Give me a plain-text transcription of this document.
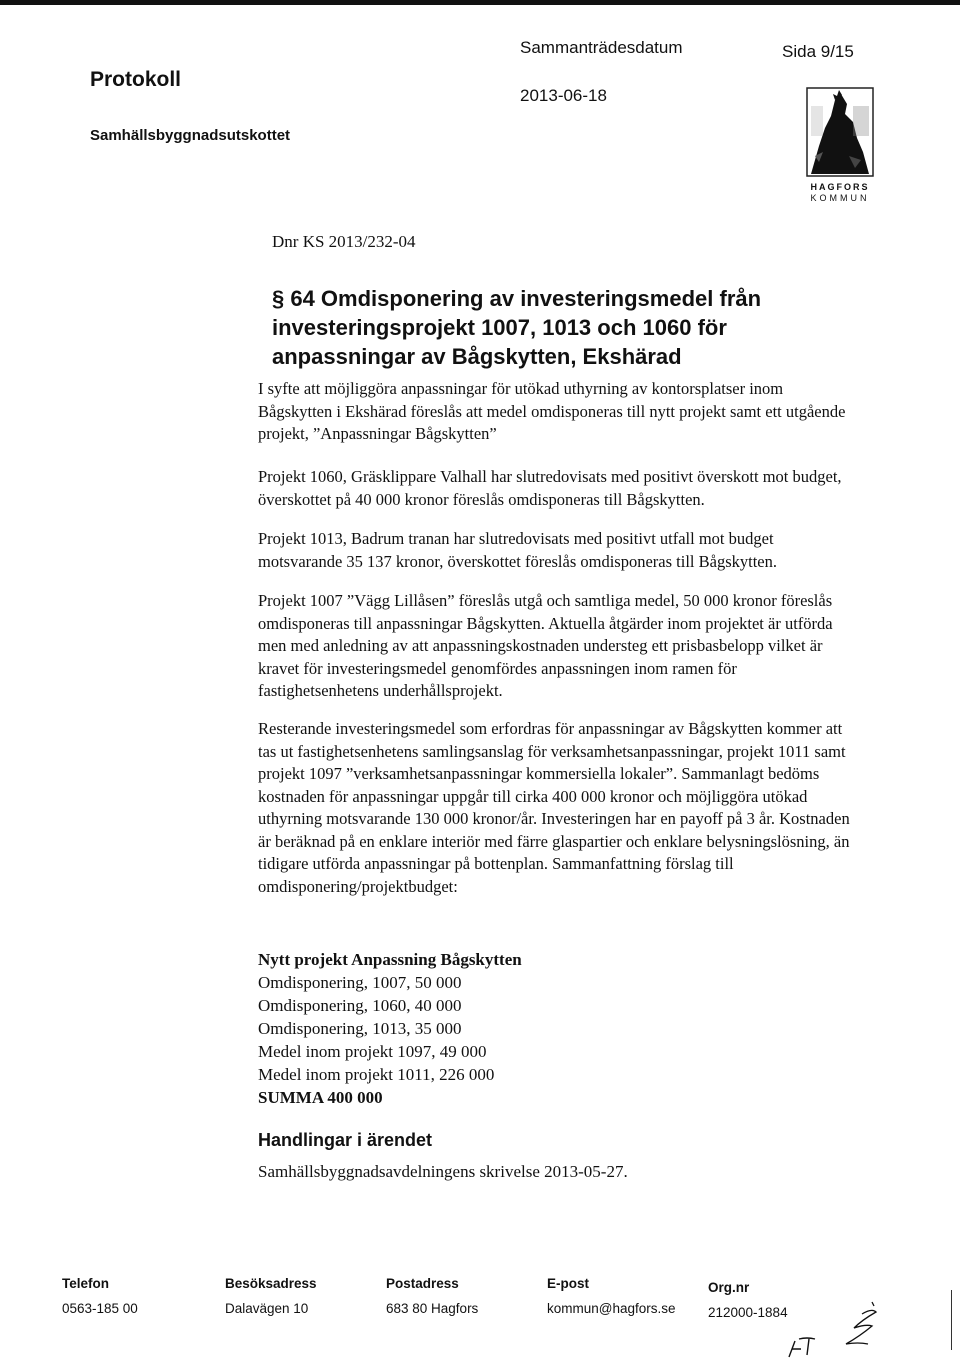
Protokoll
Sammanträdesdatum	Sida 9/15
2013-06-18
Samhällsbyggnadsutskottet
HAGFORS
KOMMUN
Dnr KS 2013/232-04
§ 64 Omdisponering av investeringsmedel från
investeringsprojekt 1007, 1013 och 1060 för
anpassningar av Bågskytten, Ekshärad
I syfte att möjliggöra anpassningar för utökad uthyrning av kontorsplatser inom Bågskytten i Ekshärad föreslås att medel omdisponeras till nytt projekt samt ett utgående projekt, ”Anpassningar Bågskytten”
Projekt 1060, Gräsklippare Valhall har slutredovisats med positivt överskott mot budget, överskottet på 40 000 kronor föreslås omdisponeras till Bågskytten.
Projekt 1013, Badrum tranan har slutredovisats med positivt utfall mot budget motsvarande 35 137 kronor, överskottet föreslås omdisponeras till Bågskytten.
Projekt 1007 ”Vägg Lillåsen” föreslås utgå och samtliga medel, 50 000 kronor föreslås omdisponeras till anpassningar Bågskytten. Aktuella åtgärder inom projektet är utförda men med anledning av att anpassningskostnaden understeg ett prisbasbelopp vilket är kravet för investeringsmedel genomfördes anpassningen inom ramen för fastighetsenhetens underhållsprojekt.
Resterande investeringsmedel som erfordras för anpassningar av Bågskytten kommer att tas ut fastighetsenhetens samlingsanslag för verksamhetsanpassningar, projekt 1011 samt projekt 1097 ”verksamhetsanpassningar kommersiella lokaler”. Sammanlagt bedöms kostnaden för anpassningar uppgår till cirka 400 000 kronor och möjliggöra utökad uthyrning motsvarande 130 000 kronor/år. Investeringen har en payoff på 3 år. Kostnaden är beräknad på en enklare interiör med färre glaspartier och enklare belysningslösning, än tidigare utförda anpassningar på bottenplan. Sammanfattning förslag till omdisponering/projektbudget:
Nytt projekt Anpassning Bågskytten
Omdisponering, 1007, 50 000
Omdisponering, 1060, 40 000
Omdisponering, 1013, 35 000
Medel inom projekt 1097, 49 000
Medel inom projekt 1011, 226 000
SUMMA 400 000
Handlingar i ärendet
Samhällsbyggnadsavdelningens skrivelse 2013-05-27.
Telefon
0563-185 00
Besöksadress
Dalavägen 10
Postadress
683 80 Hagfors
E-post
kommun@hagfors.se
Org.nr
212000-1884
